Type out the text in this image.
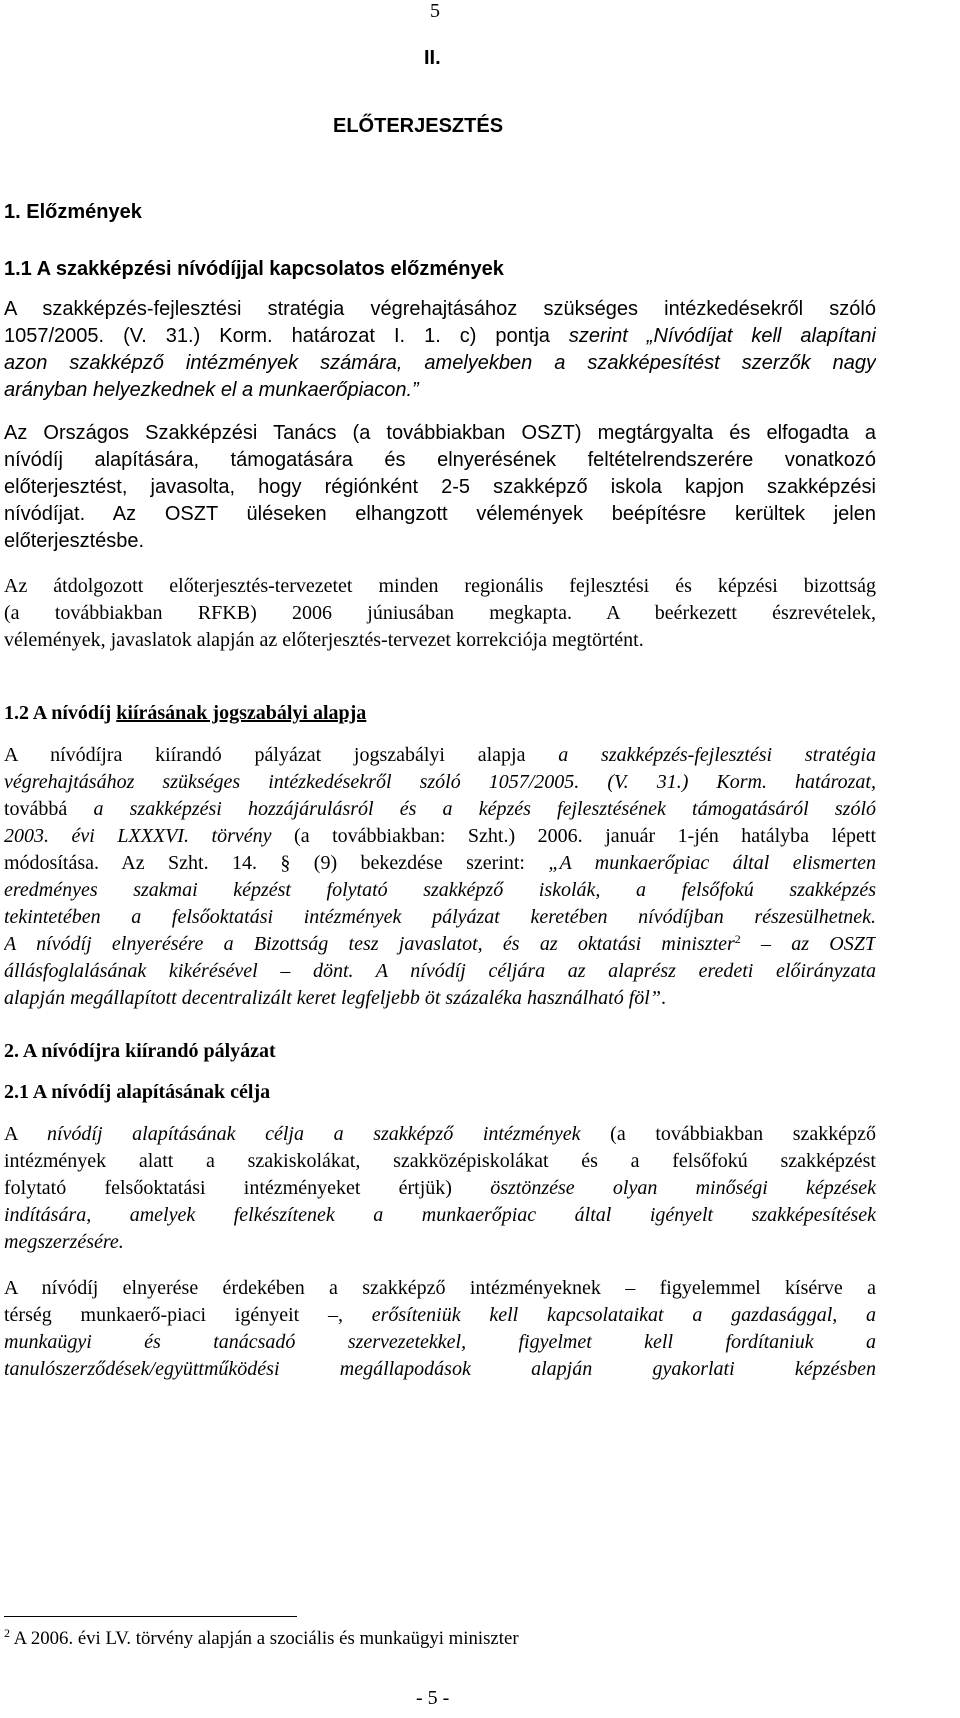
5
II.
ELŐTERJESZTÉS
1. Előzmények
1.1 A szakképzési nívódíjjal kapcsolatos előzmények
A szakképzés-fejlesztési stratégia végrehajtásához szükséges intézkedésekről szóló
1057/2005. (V. 31.) Korm. határozat I. 1. c) pontja szerint „Nívódíjat kell alapítani
azon szakképző intézmények számára, amelyekben a szakképesítést szerzők nagy
arányban helyezkednek el a munkaerőpiacon.”
Az Országos Szakképzési Tanács (a továbbiakban OSZT) megtárgyalta és elfogadta a
nívódíj alapítására, támogatására és elnyerésének feltételrendszerére vonatkozó
előterjesztést, javasolta, hogy régiónként 2-5 szakképző iskola kapjon szakképzési
nívódíjat. Az OSZT üléseken elhangzott vélemények beépítésre kerültek jelen
előterjesztésbe.
Az átdolgozott előterjesztés-tervezetet minden regionális fejlesztési és képzési bizottság
(a továbbiakban RFKB) 2006 júniusában megkapta. A beérkezett észrevételek,
vélemények, javaslatok alapján az előterjesztés-tervezet korrekciója megtörtént.
1.2 A nívódíj kiírásának jogszabályi alapja
A nívódíjra kiírandó pályázat jogszabályi alapja a szakképzés-fejlesztési stratégia
végrehajtásához szükséges intézkedésekről szóló 1057/2005. (V. 31.) Korm. határozat,
továbbá a szakképzési hozzájárulásról és a képzés fejlesztésének támogatásáról szóló
2003. évi LXXXVI. törvény (a továbbiakban: Szht.) 2006. január 1-jén hatályba lépett
módosítása. Az Szht. 14. § (9) bekezdése szerint: „A munkaerőpiac által elismerten
eredményes szakmai képzést folytató szakképző iskolák, a felsőfokú szakképzés
tekintetében a felsőoktatási intézmények pályázat keretében nívódíjban részesülhetnek.
A nívódíj elnyerésére a Bizottság tesz javaslatot, és az oktatási miniszter$^2$ – az OSZT
állásfoglalásának kikérésével – dönt. A nívódíj céljára az alaprész eredeti előirányzata
alapján megállapított decentralizált keret legfeljebb öt százaléka használható föl”.
2. A nívódíjra kiírandó pályázat
2.1 A nívódíj alapításának célja
A nívódíj alapításának célja a szakképző intézmények (a továbbiakban szakképző
intézmények alatt a szakiskolákat, szakközépiskolákat és a felsőfokú szakképzést
folytató felsőoktatási intézményeket értjük) ösztönzése olyan minőségi képzések
indítására, amelyek felkészítenek a munkaerőpiac által igényelt szakképesítések
megszerzésére.
A nívódíj elnyerése érdekében a szakképző intézményeknek – figyelemmel kísérve a
térség munkaerő-piaci igényeit –, erősíteniük kell kapcsolataikat a gazdasággal, a
munkaügyi és tanácsadó szervezetekkel, figyelmet kell fordítaniuk a
tanulószerződések/együttműködési megállapodások alapján gyakorlati képzésben
$^2$ A 2006. évi LV. törvény alapján a szociális és munkaügyi miniszter
- 5 -
